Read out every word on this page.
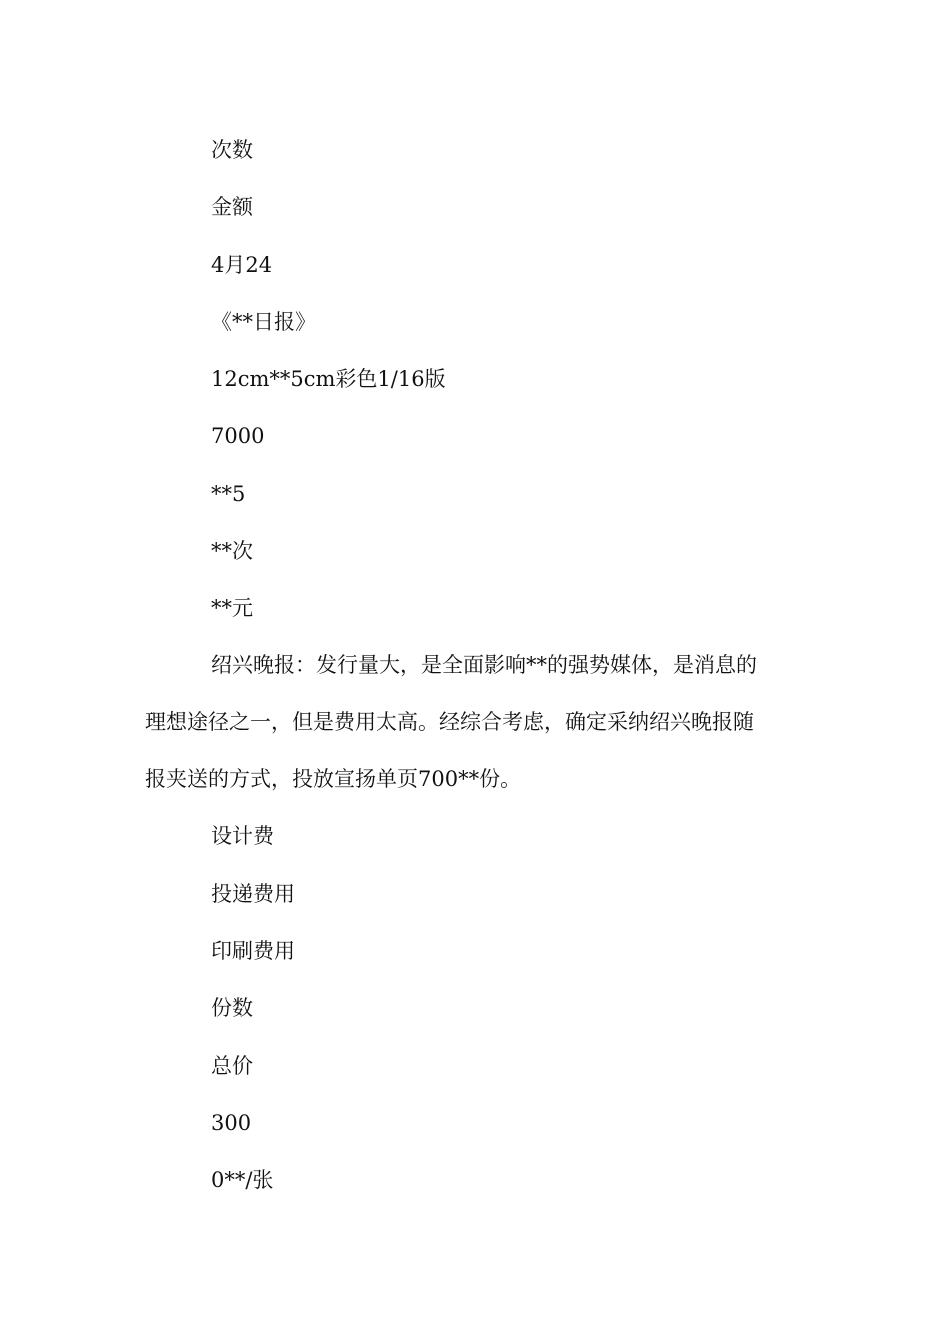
次数
金额
4月24
《**日报》
12cm**5cm彩色1/16版
7000
**5
**次
**元
绍兴晚报：发行量大，是全面影响**的强势媒体，是消息的
理想途径之一，但是费用太高。经综合考虑，确定采纳绍兴晚报随
报夹送的方式，投放宣扬单页700**份。
设计费
投递费用
印刷费用
份数
总价
300
0**/张
